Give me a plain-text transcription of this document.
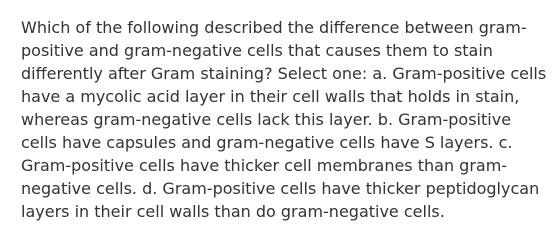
Which of the following described the difference between gram-
positive and gram-negative cells that causes them to stain
differently after Gram staining? Select one: a. Gram-positive cells
have a mycolic acid layer in their cell walls that holds in stain,
whereas gram-negative cells lack this layer. b. Gram-positive
cells have capsules and gram-negative cells have S layers. c.
Gram-positive cells have thicker cell membranes than gram-
negative cells. d. Gram-positive cells have thicker peptidoglycan
layers in their cell walls than do gram-negative cells.
